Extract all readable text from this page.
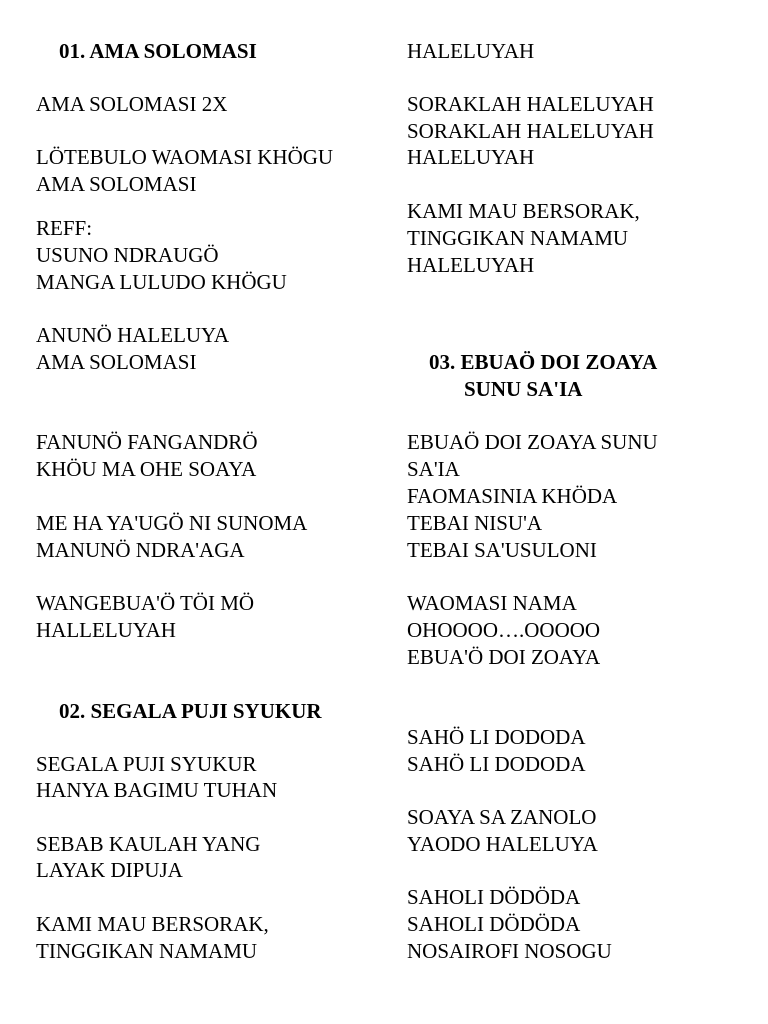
01. AMA SOLOMASI

AMA SOLOMASI 2X

LÖTEBULO WAOMASI KHÖGU

AMA SOLOMASI

REFF:

USUNO NDRAUGÖ

MANGA LULUDO KHÖGU

ANUNÖ HALELUYA

AMA SOLOMASI

FANUNÖ FANGANDRÖ

KHÖU MA OHE SOAYA

ME HA YA'UGÖ NI SUNOMA

MANUNÖ NDRA'AGA

WANGEBUA'Ö TÖI MÖ

HALLELUYAH

02. SEGALA PUJI SYUKUR

SEGALA PUJI SYUKUR

HANYA BAGIMU TUHAN

SEBAB KAULAH YANG

LAYAK DIPUJA

KAMI MAU BERSORAK,

TINGGIKAN NAMAMU

HALELUYAH

SORAKLAH HALELUYAH

SORAKLAH HALELUYAH

HALELUYAH

KAMI MAU BERSORAK,

TINGGIKAN NAMAMU

HALELUYAH

03. EBUAÖ DOI ZOAYA

SUNU SA'IA

EBUAÖ DOI ZOAYA SUNU

SA'IA

FAOMASINIA KHÖDA

TEBAI NISU'A

TEBAI SA'USULONI

WAOMASI NAMA

OHOOOO….OOOOO

EBUA'Ö DOI ZOAYA

SAHÖ LI DODODA

SAHÖ LI DODODA

SOAYA SA ZANOLO

YAODO HALELUYA

SAHOLI DÖDÖDA

SAHOLI DÖDÖDA

NOSAIROFI NOSOGU
